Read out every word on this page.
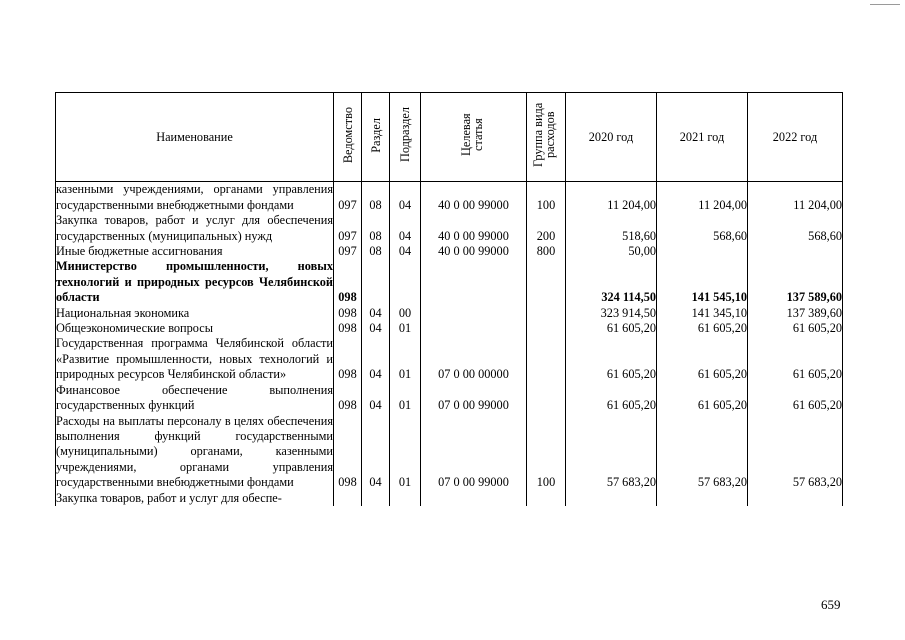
Наименование	Ведомство	Раздел	Подраздел	Целевая статья	Группа вида расходов	2020 год	2021 год	2022 год
казенными учреждениями, органами управления государственными внебюджетными фондами	097	08	04	40 0 00 99000	100	11 204,00	11 204,00	11 204,00
Закупка товаров, работ и услуг для обеспечения государственных (муниципальных) нужд	097	08	04	40 0 00 99000	200	518,60	568,60	568,60
Иные бюджетные ассигнования	097	08	04	40 0 00 99000	800	50,00		
Министерство промышленности, новых технологий и природных ресурсов Челябинской области	098					324 114,50	141 545,10	137 589,60
Национальная экономика	098	04	00			323 914,50	141 345,10	137 389,60
Общеэкономические вопросы	098	04	01			61 605,20	61 605,20	61 605,20
Государственная программа Челябинской области «Развитие промышленности, новых технологий и природных ресурсов Челябинской области»	098	04	01	07 0 00 00000		61 605,20	61 605,20	61 605,20
Финансовое обеспечение выполнения государственных функций	098	04	01	07 0 00 99000		61 605,20	61 605,20	61 605,20
Расходы на выплаты персоналу в целях обеспечения выполнения функций государственными (муниципальными) органами, казенными учреждениями, органами управления государственными внебюджетными фондами	098	04	01	07 0 00 99000	100	57 683,20	57 683,20	57 683,20
Закупка товаров, работ и услуг для обеспе-								
659
